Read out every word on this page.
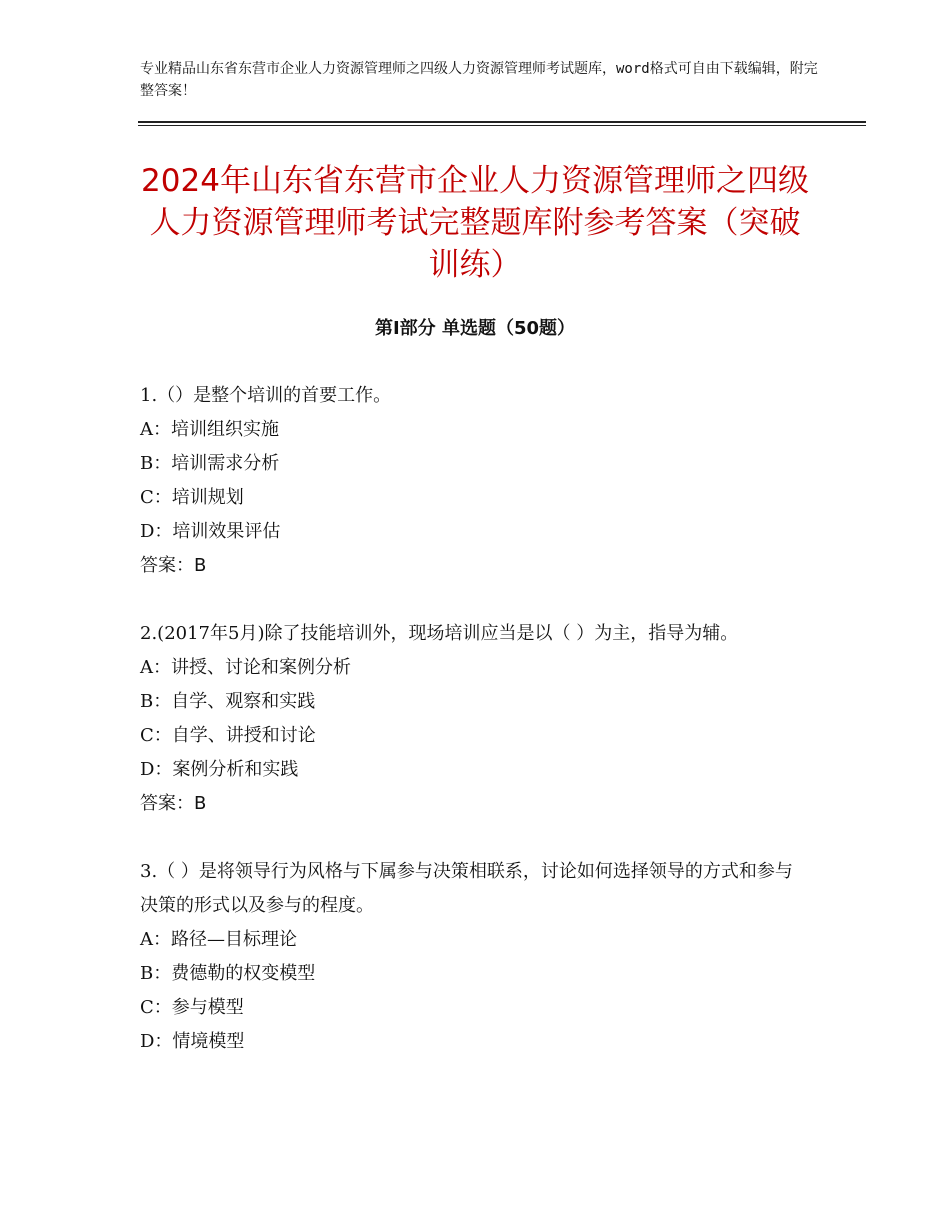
专业精品山东省东营市企业人力资源管理师之四级人力资源管理师考试题库，word格式可自由下载编辑，附完整答案！
2024年山东省东营市企业人力资源管理师之四级人力资源管理师考试完整题库附参考答案（突破训练）
第Ⅰ部分 单选题（50题）

1.（）是整个培训的首要工作。

A：培训组织实施

B：培训需求分析

C：培训规划

D：培训效果评估

答案：B

2.(2017年5月)除了技能培训外，现场培训应当是以（ ）为主，指导为辅。

A：讲授、讨论和案例分析

B：自学、观察和实践

C：自学、讲授和讨论

D：案例分析和实践

答案：B

3.（ ）是将领导行为风格与下属参与决策相联系，讨论如何选择领导的方式和参与决策的形式以及参与的程度。

A：路径—目标理论

B：费德勒的权变模型

C：参与模型

D：情境模型
